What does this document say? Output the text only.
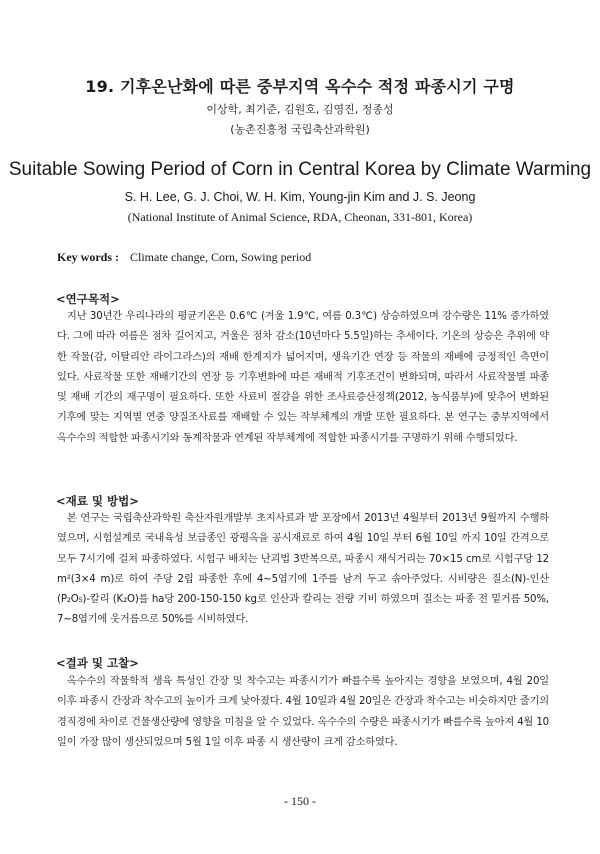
19. 기후온난화에 따른 중부지역 옥수수 적정 파종시기 구명
이상학, 최기준, 김원호, 김영진, 정종성
(농촌진흥청 국립축산과학원)
Suitable Sowing Period of Corn in Central Korea by Climate Warming
S. H. Lee, G. J. Choi, W. H. Kim, Young-jin Kim and J. S. Jeong
(National Institute of Animal Science, RDA, Cheonan, 331-801, Korea)
Key words : Climate change, Corn, Sowing period
<연구목적>
지난 30년간 우리나라의 평균기온은 0.6℃ (겨울 1.9℃, 여름 0.3℃) 상승하였으며 강수량은 11% 증가하였다. 그에 따라 여름은 점차 길어지고, 겨울은 점차 감소(10년마다 5.5일)하는 추세이다. 기온의 상승은 추위에 약한 작물(감, 이탈리안 라이그라스)의 재배 한계지가 넓어지며, 생육기간 연장 등 작물의 재배에 긍정적인 측면이 있다. 사료작물 또한 재배기간의 연장 등 기후변화에 따른 재배적 기후조건이 변화되며, 따라서 사료작물별 파종 및 재배 기간의 재구명이 필요하다. 또한 사료비 절감을 위한 조사료증산정책(2012, 농식품부)에 맞추어 변화된 기후에 맞는 지역별 연중 양질조사료를 재배할 수 있는 작부체계의 개발 또한 필요하다. 본 연구는 중부지역에서 옥수수의 적합한 파종시기와 동계작물과 연계된 작부체계에 적합한 파종시기를 구명하기 위해 수행되었다.
<재료 및 방법>
본 연구는 국립축산과학원 축산자원개발부 초지사료과 밭 포장에서 2013년 4월부터 2013년 9월까지 수행하였으며, 시험설계로 국내육성 보급종인 광평옥을 공시재료로 하여 4월 10일 부터 6월 10일 까지 10일 간격으로 모두 7시기에 걸쳐 파종하였다. 시험구 배치는 난괴법 3반복으로, 파종시 재식거리는 70×15 cm로 시험구당 12 m²(3×4 m)로 하여 주당 2립 파종한 후에 4~5엽기에 1주를 남겨 두고 솎아주었다. 시비량은 질소(N)-인산(P₂O₅)-칼리 (K₂O)를 ha당 200-150-150 kg로 인산과 칼리는 전량 기비 하였으며 질소는 파종 전 밑거름 50%, 7~8엽기에 웃거름으로 50%를 시비하였다.
<결과 및 고찰>
옥수수의 작물학적 생육 특성인 간장 및 착수고는 파종시기가 빠를수록 높아지는 경향을 보였으며, 4월 20일 이후 파종시 간장과 착수고의 높이가 크게 낮아졌다. 4월 10일과 4월 20일은 간장과 착수고는 비슷하지만 줄기의 경직경에 차이로 건물생산량에 영향을 미침을 알 수 있었다. 옥수수의 수량은 파종시기가 빠를수록 높아져 4월 10일이 가장 많이 생산되었으며 5월 1일 이후 파종 시 생산량이 크게 감소하였다.
- 150 -
